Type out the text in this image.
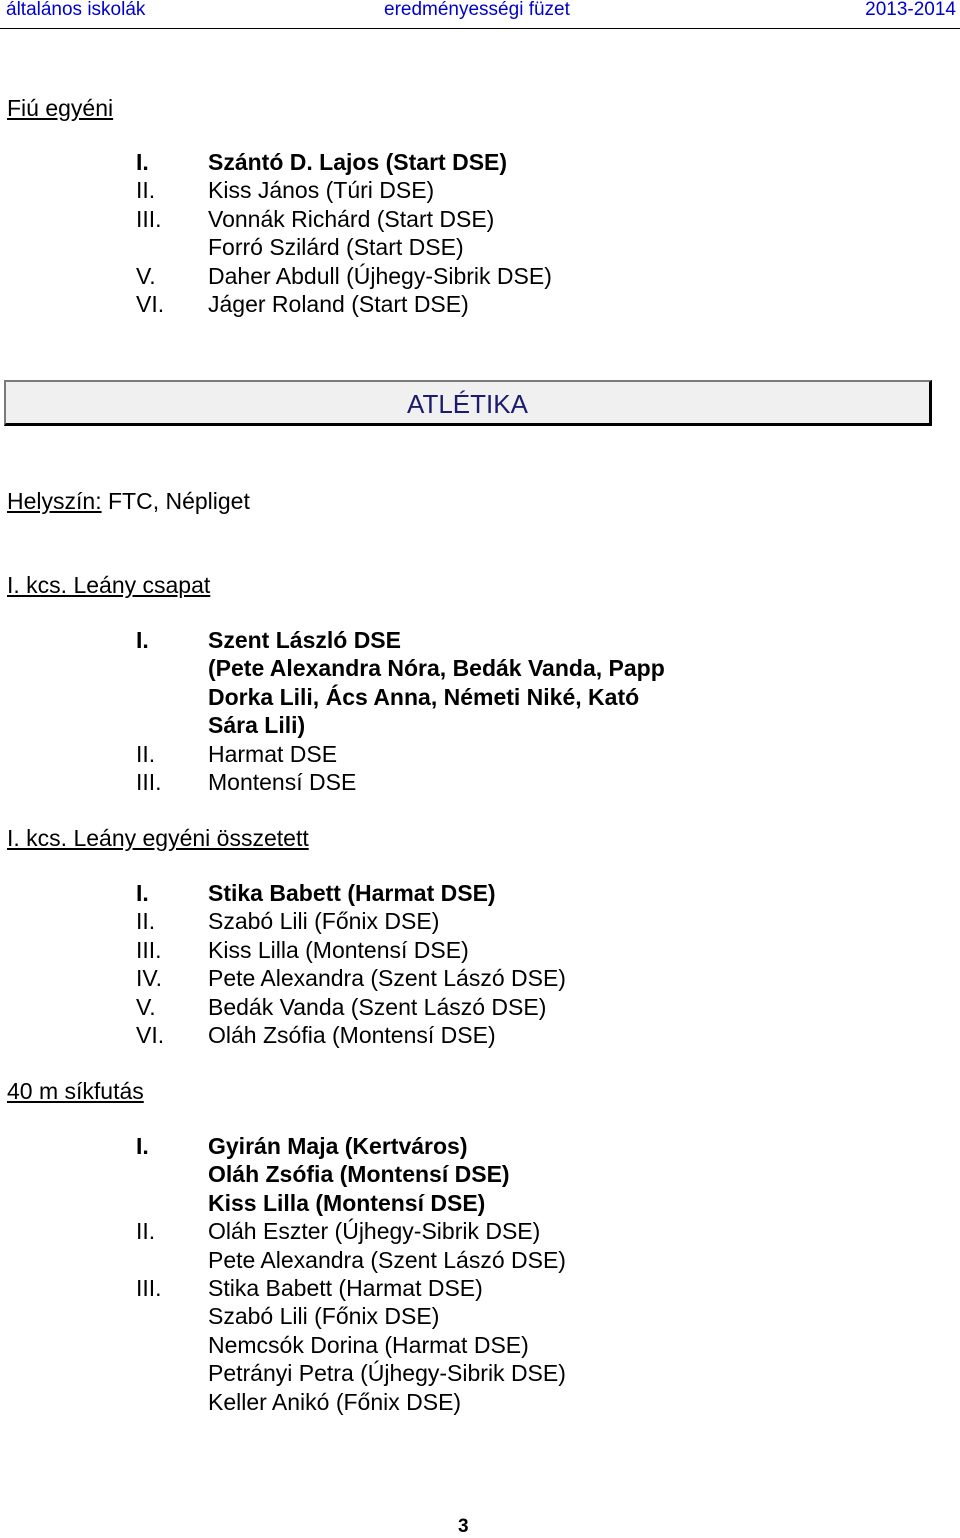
általános iskolák	eredményességi füzet	2013-2014
Fiú egyéni
I.	Szántó D. Lajos (Start DSE)
II. Kiss János (Túri DSE)
III. Vonnák Richárd (Start DSE)
Forró Szilárd (Start DSE)
V. Daher Abdull (Újhegy-Sibrik DSE)
VI. Jáger Roland (Start DSE)
ATLÉTIKA
Helyszín: FTC, Népliget
I. kcs. Leány csapat
I.	Szent László DSE
(Pete Alexandra Nóra, Bedák Vanda, Papp
Dorka Lili, Ács Anna, Németi Niké, Kató
Sára Lili)
II. Harmat DSE
III. Montensí DSE
I. kcs. Leány egyéni összetett
I.	Stika Babett (Harmat DSE)
II. Szabó Lili (Főnix DSE)
III. Kiss Lilla (Montensí DSE)
IV. Pete Alexandra (Szent Lászó DSE)
V. Bedák Vanda (Szent Lászó DSE)
VI. Oláh Zsófia (Montensí DSE)
40 m síkfutás
I.	Gyirán Maja (Kertváros)
Oláh Zsófia (Montensí DSE)
Kiss Lilla (Montensí DSE)
II. Oláh Eszter (Újhegy-Sibrik DSE)
Pete Alexandra (Szent Lászó DSE)
III. Stika Babett (Harmat DSE)
Szabó Lili (Főnix DSE)
Nemcsók Dorina (Harmat DSE)
Petrányi Petra (Újhegy-Sibrik DSE)
Keller Anikó (Főnix DSE)
3
